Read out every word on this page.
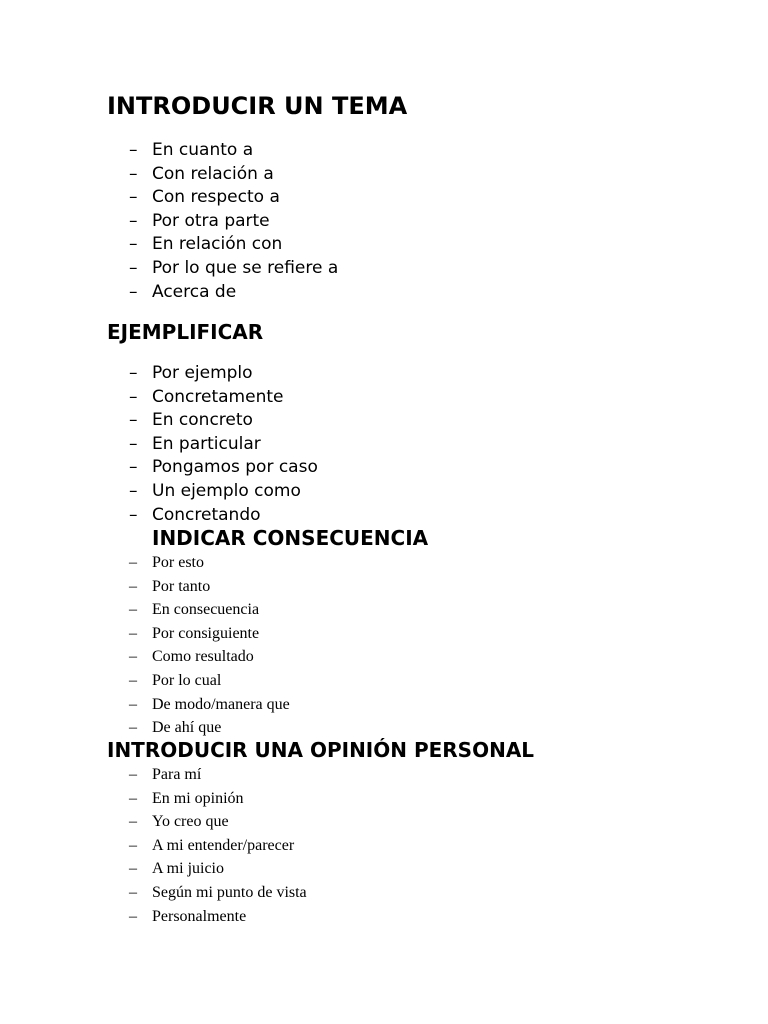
INTRODUCIR UN TEMA
– En cuanto a
– Con relación a
– Con respecto a
– Por otra parte
– En relación con
– Por lo que se refiere a
– Acerca de
EJEMPLIFICAR
– Por ejemplo
– Concretamente
– En concreto
– En particular
– Pongamos por caso
– Un ejemplo como
– Concretando
INDICAR CONSECUENCIA
– Por esto
– Por tanto
– En consecuencia
– Por consiguiente
– Como resultado
– Por lo cual
– De modo/manera que
– De ahí que
INTRODUCIR UNA OPINIÓN PERSONAL
– Para mí
– En mi opinión
– Yo creo que
– A mi entender/parecer
– A mi juicio
– Según mi punto de vista
– Personalmente
